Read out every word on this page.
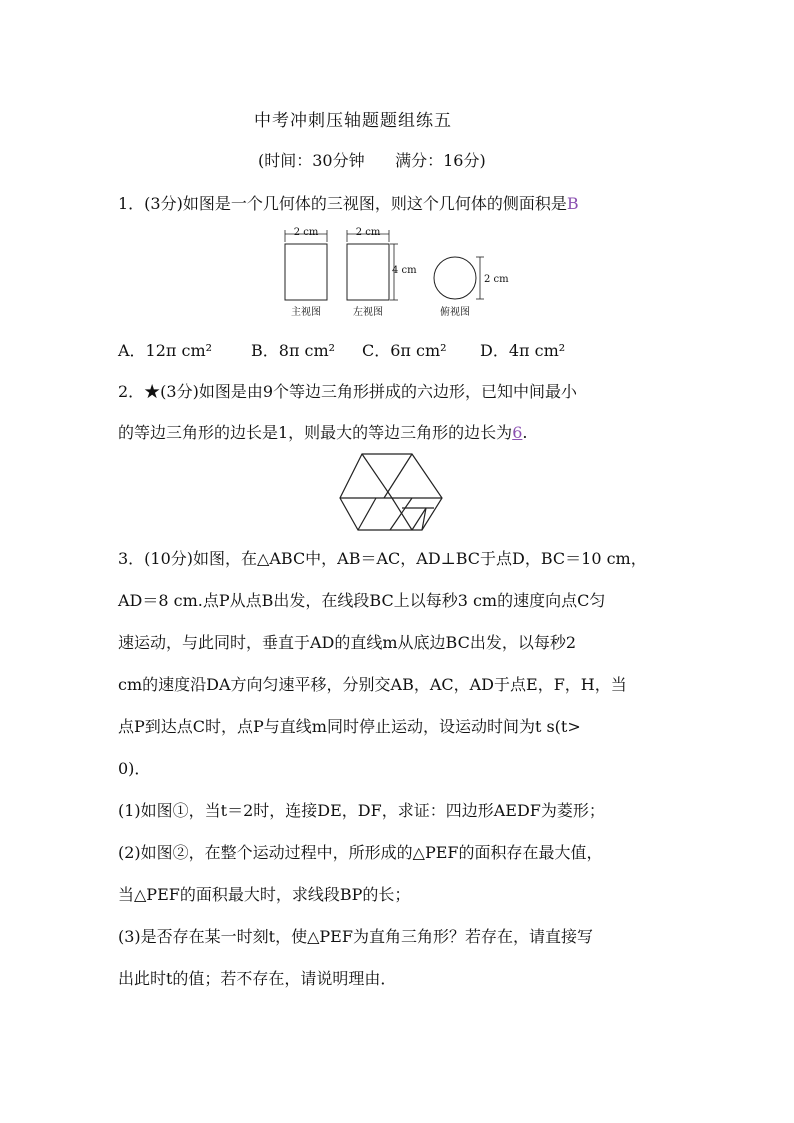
中考冲刺压轴题题组练五
(时间：30分钟      满分：16分)
1．(3分)如图是一个几何体的三视图，则这个几何体的侧面积是B
2 cm
主视图
2 cm
4 cm
左视图
2 cm
俯视图
A．12π cm² B．8π cm² C．6π cm² D．4π cm²
2．★(3分)如图是由9个等边三角形拼成的六边形，已知中间最小
的等边三角形的边长是1，则最大的等边三角形的边长为6.
3．(10分)如图，在△ABC中，AB＝AC，AD⊥BC于点D，BC＝10 cm，
AD＝8 cm.点P从点B出发，在线段BC上以每秒3 cm的速度向点C匀
速运动，与此同时，垂直于AD的直线m从底边BC出发，以每秒2
cm的速度沿DA方向匀速平移，分别交AB，AC，AD于点E，F，H，当
点P到达点C时，点P与直线m同时停止运动，设运动时间为t s(t>
0)．
(1)如图①，当t＝2时，连接DE，DF，求证：四边形AEDF为菱形；
(2)如图②，在整个运动过程中，所形成的△PEF的面积存在最大值，
当△PEF的面积最大时，求线段BP的长；
(3)是否存在某一时刻t，使△PEF为直角三角形？若存在，请直接写
出此时t的值；若不存在，请说明理由．
